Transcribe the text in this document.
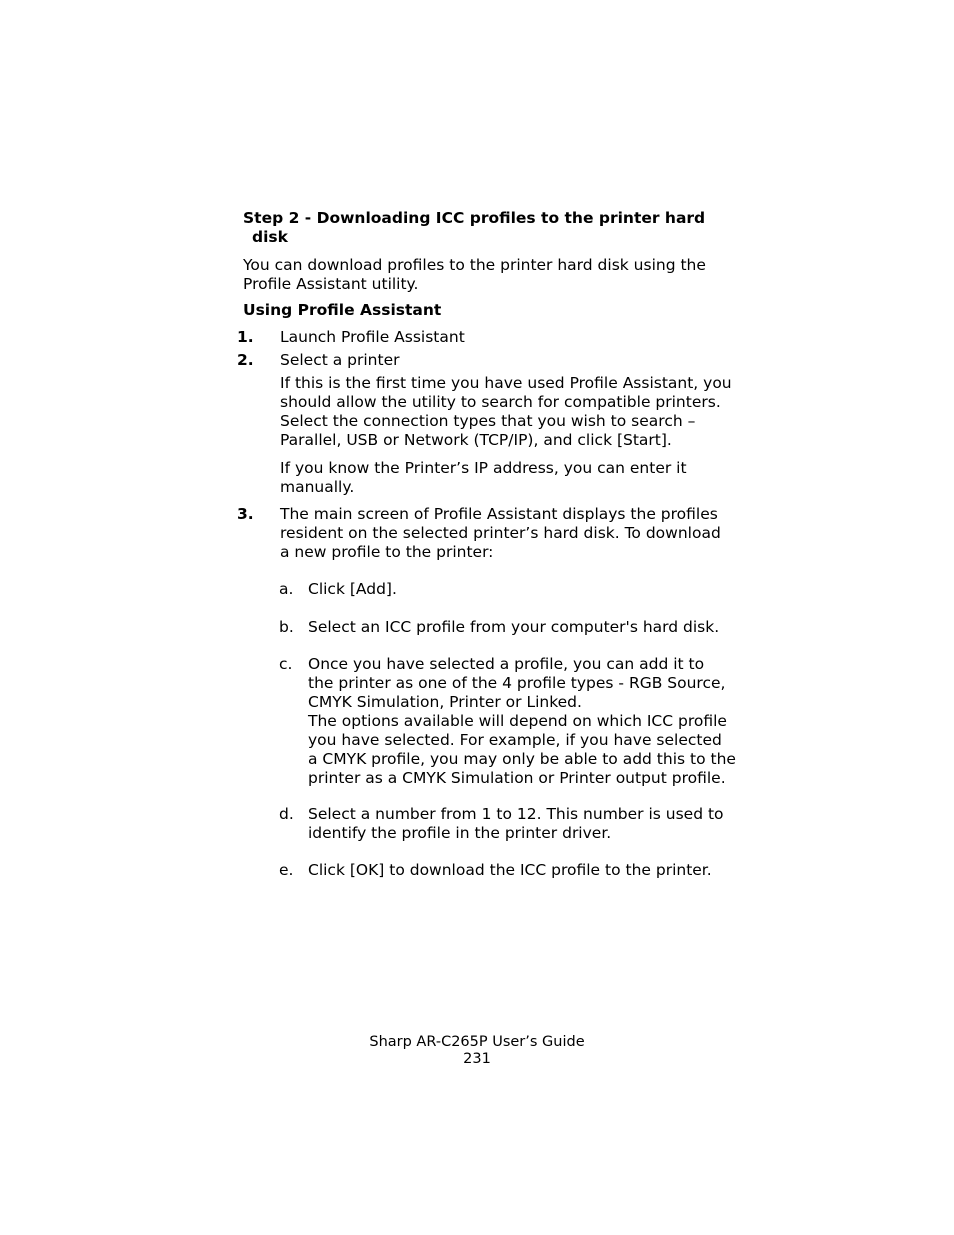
Step 2 - Downloading ICC profiles to the printer hard
disk
You can download profiles to the printer hard disk using the
Profile Assistant utility.
Using Profile Assistant
1. Launch Profile Assistant
2. Select a printer
If this is the first time you have used Profile Assistant, you
should allow the utility to search for compatible printers.
Select the connection types that you wish to search –
Parallel, USB or Network (TCP/IP), and click [Start].
If you know the Printer’s IP address, you can enter it
manually.
3. The main screen of Profile Assistant displays the profiles
resident on the selected printer’s hard disk. To download
a new profile to the printer:
a. Click [Add].
b. Select an ICC profile from your computer's hard disk.
c. Once you have selected a profile, you can add it to
the printer as one of the 4 profile types - RGB Source,
CMYK Simulation, Printer or Linked.
The options available will depend on which ICC profile
you have selected. For example, if you have selected
a CMYK profile, you may only be able to add this to the
printer as a CMYK Simulation or Printer output profile.
d. Select a number from 1 to 12. This number is used to
identify the profile in the printer driver.
e. Click [OK] to download the ICC profile to the printer.
Sharp AR-C265P User’s Guide
231
